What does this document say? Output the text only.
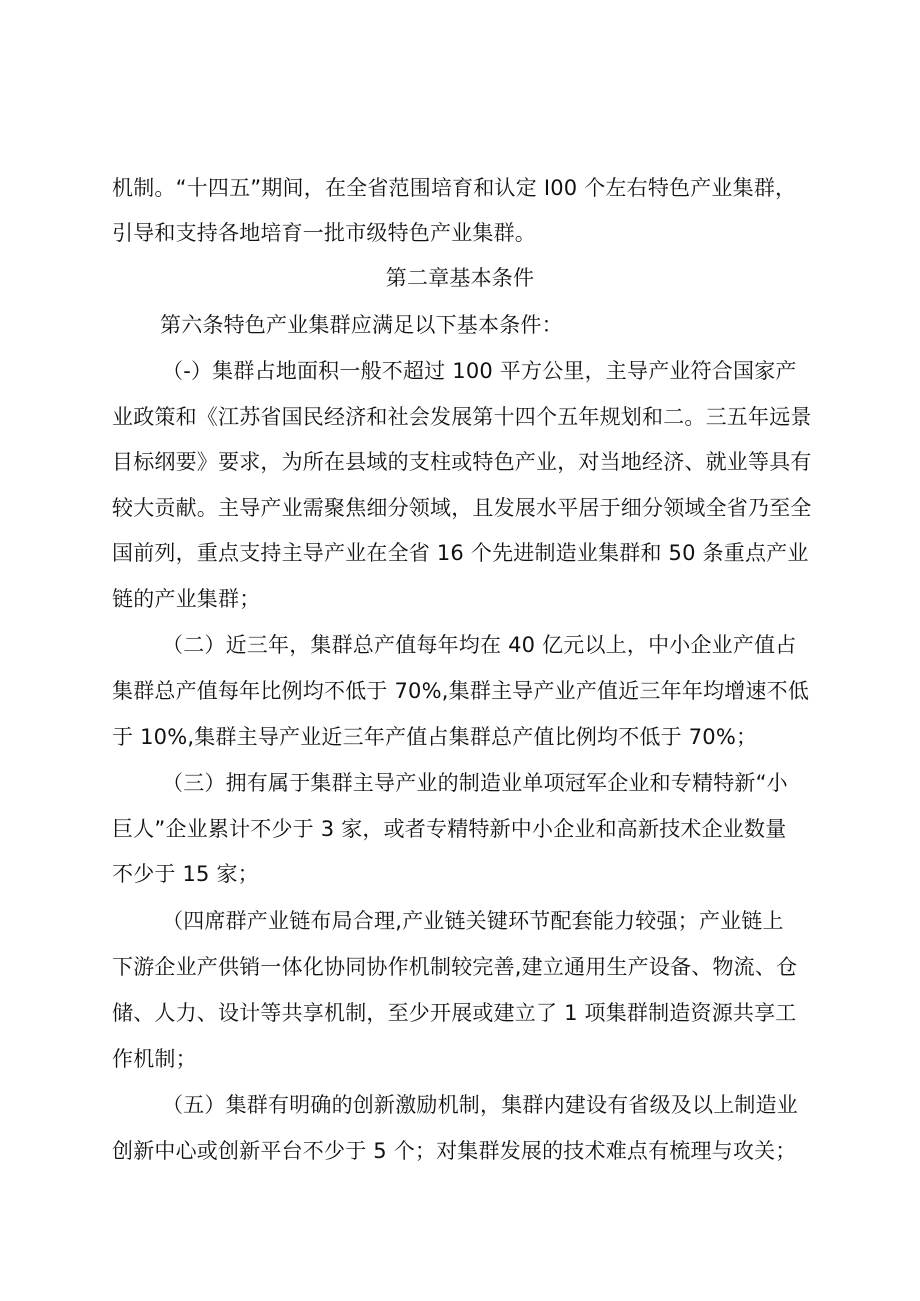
机制。“十四五”期间，在全省范围培育和认定 I00 个左右特色产业集群，
引导和支持各地培育一批市级特色产业集群。
第二章基本条件
第六条特色产业集群应满足以下基本条件：
（-）集群占地面积一般不超过 100 平方公里，主导产业符合国家产
业政策和《江苏省国民经济和社会发展第十四个五年规划和二。三五年远景
目标纲要》要求，为所在县域的支柱或特色产业，对当地经济、就业等具有
较大贡献。主导产业需聚焦细分领域，且发展水平居于细分领域全省乃至全
国前列，重点支持主导产业在全省 16 个先进制造业集群和 50 条重点产业
链的产业集群；
（二）近三年，集群总产值每年均在 40 亿元以上，中小企业产值占
集群总产值每年比例均不低于 70%,集群主导产业产值近三年年均增速不低
于 10%,集群主导产业近三年产值占集群总产值比例均不低于 70%；
（三）拥有属于集群主导产业的制造业单项冠军企业和专精特新“小
巨人”企业累计不少于 3 家，或者专精特新中小企业和高新技术企业数量
不少于 15 家；
（四席群产业链布局合理,产业链关键环节配套能力较强；产业链上
下游企业产供销一体化协同协作机制较完善,建立通用生产设备、物流、仓
储、人力、设计等共享机制，至少开展或建立了 1 项集群制造资源共享工
作机制；
（五）集群有明确的创新激励机制，集群内建设有省级及以上制造业
创新中心或创新平台不少于 5 个；对集群发展的技术难点有梳理与攻关；
